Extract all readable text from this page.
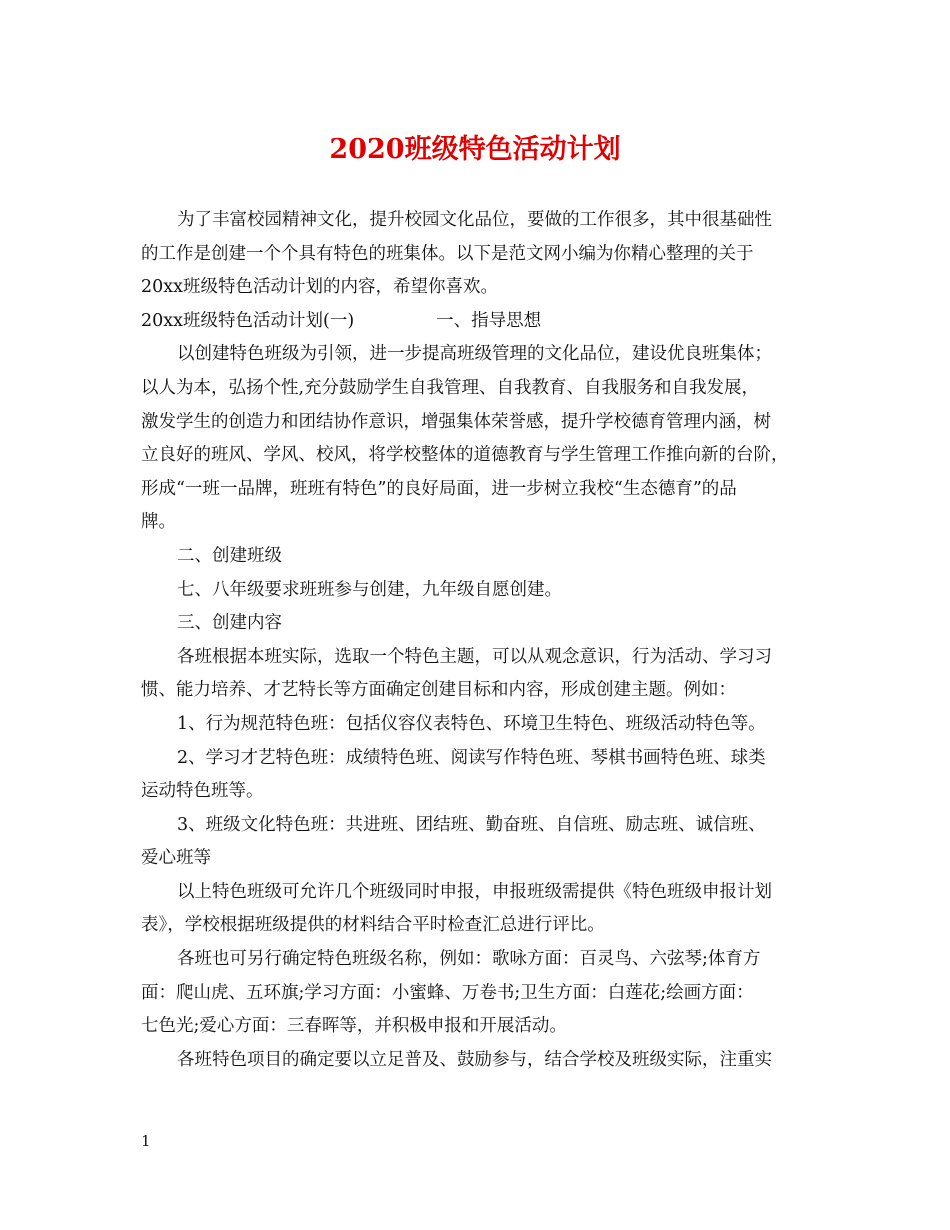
2020班级特色活动计划
为了丰富校园精神文化，提升校园文化品位，要做的工作很多，其中很基础性
的工作是创建一个个具有特色的班集体。以下是范文网小编为你精心整理的关于
20xx班级特色活动计划的内容，希望你喜欢。
20xx班级特色活动计划(一)	一、指导思想
以创建特色班级为引领，进一步提高班级管理的文化品位，建设优良班集体；
以人为本，弘扬个性,充分鼓励学生自我管理、自我教育、自我服务和自我发展，
激发学生的创造力和团结协作意识，增强集体荣誉感，提升学校德育管理内涵，树
立良好的班风、学风、校风，将学校整体的道德教育与学生管理工作推向新的台阶，
形成“一班一品牌，班班有特色”的良好局面，进一步树立我校“生态德育”的品
牌。
二、创建班级
七、八年级要求班班参与创建，九年级自愿创建。
三、创建内容
各班根据本班实际，选取一个特色主题，可以从观念意识，行为活动、学习习
惯、能力培养、才艺特长等方面确定创建目标和内容，形成创建主题。例如：
1、行为规范特色班：包括仪容仪表特色、环境卫生特色、班级活动特色等。
2、学习才艺特色班：成绩特色班、阅读写作特色班、琴棋书画特色班、球类
运动特色班等。
3、班级文化特色班：共进班、团结班、勤奋班、自信班、励志班、诚信班、
爱心班等
以上特色班级可允许几个班级同时申报，申报班级需提供《特色班级申报计划
表》，学校根据班级提供的材料结合平时检查汇总进行评比。
各班也可另行确定特色班级名称，例如：歌咏方面：百灵鸟、六弦琴;体育方
面：爬山虎、五环旗;学习方面：小蜜蜂、万卷书;卫生方面：白莲花;绘画方面：
七色光;爱心方面：三春晖等，并积极申报和开展活动。
各班特色项目的确定要以立足普及、鼓励参与，结合学校及班级实际，注重实
1
